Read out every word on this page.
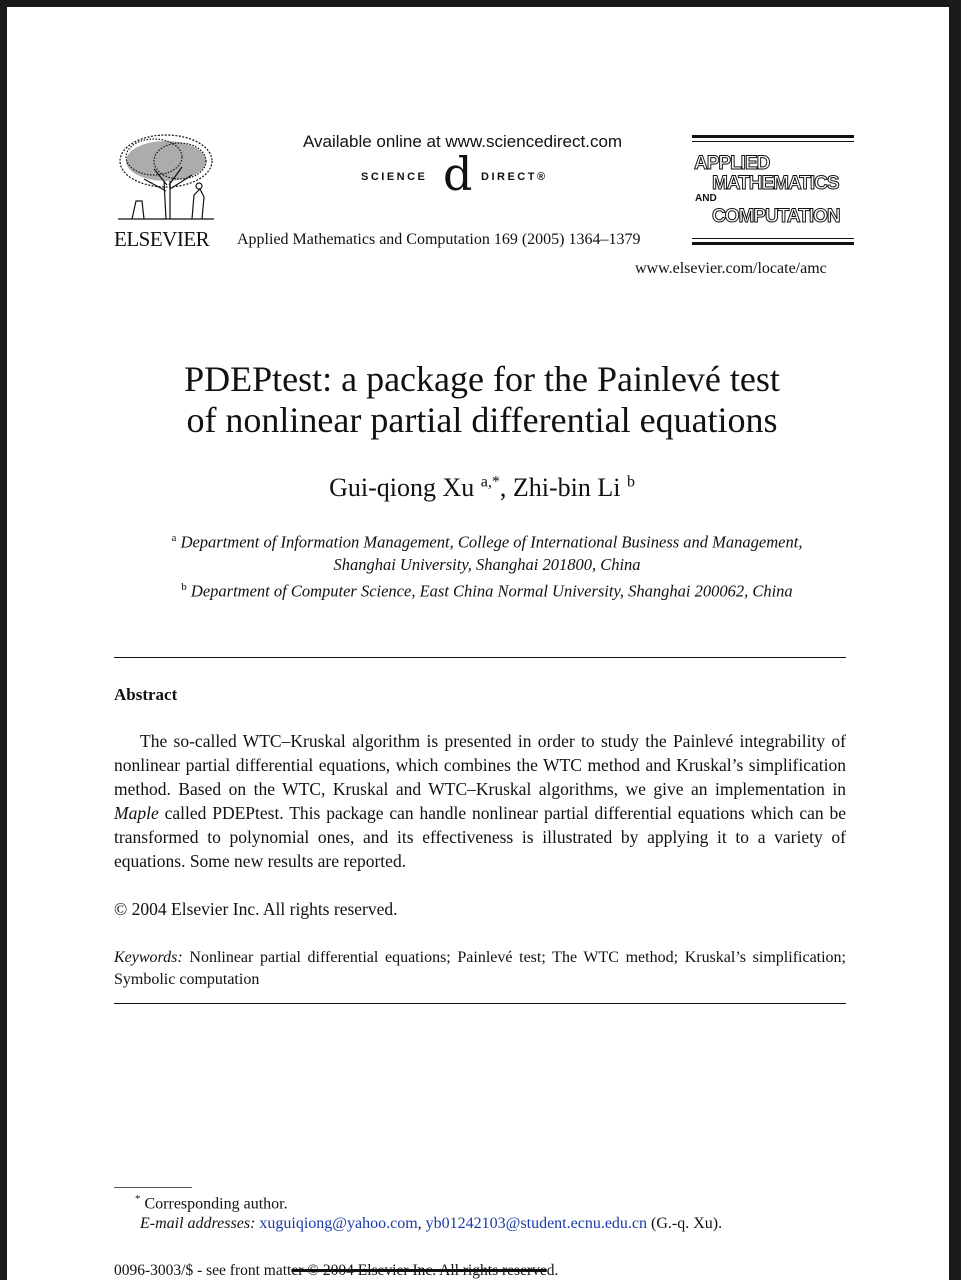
ELSEVIER
Available online at www.sciencedirect.com
SCIENCE d DIRECT®
Applied Mathematics and Computation 169 (2005) 1364–1379
APPLIED
MATHEMATICS
AND
COMPUTATION
www.elsevier.com/locate/amc
PDEPtest: a package for the Painlevé test
of nonlinear partial differential equations
Gui-qiong Xu $^{a,*}$, Zhi-bin Li $^b$
$^a$ Department of Information Management, College of International Business and Management,
Shanghai University, Shanghai 201800, China
$^b$ Department of Computer Science, East China Normal University, Shanghai 200062, China
Abstract
The so-called WTC–Kruskal algorithm is presented in order to study the Painlevé integrability of nonlinear partial differential equations, which combines the WTC method and Kruskal’s simplification method. Based on the WTC, Kruskal and WTC–Kruskal algorithms, we give an implementation in Maple called PDEPtest. This package can handle nonlinear partial differential equations which can be transformed to polynomial ones, and its effectiveness is illustrated by applying it to a variety of equations. Some new results are reported.
© 2004 Elsevier Inc. All rights reserved.
Keywords: Nonlinear partial differential equations; Painlevé test; The WTC method; Kruskal’s simplification; Symbolic computation
* Corresponding author.
E-mail addresses: xuguiqiong@yahoo.com, yb01242103@student.ecnu.edu.cn (G.-q. Xu).
0096-3003/$ - see front matter © 2004 Elsevier Inc. All rights reserved.
